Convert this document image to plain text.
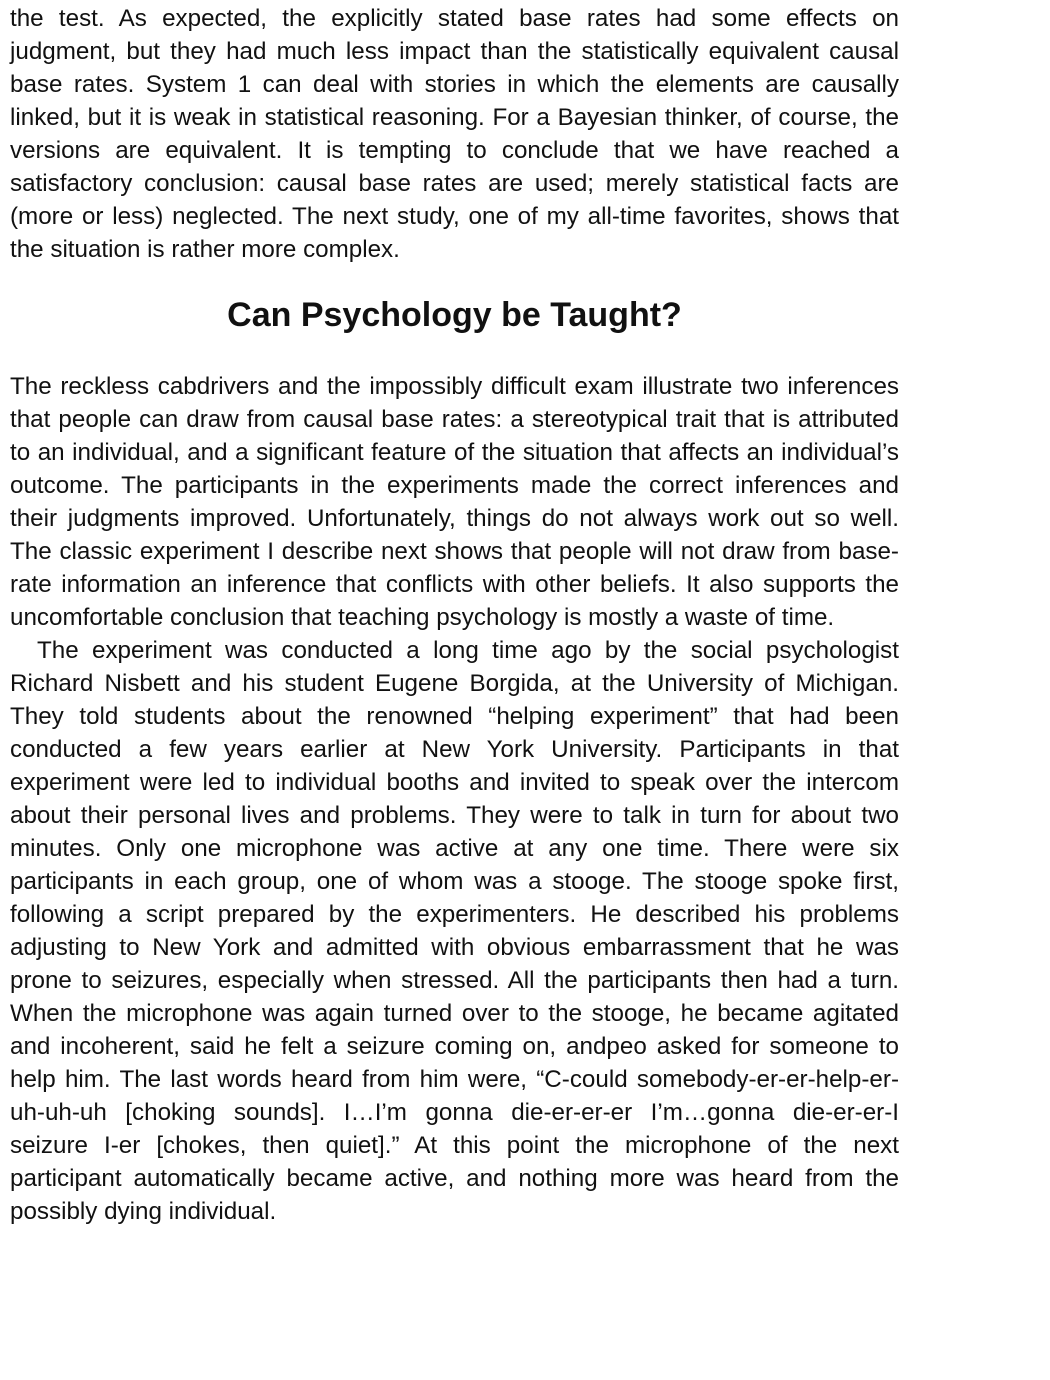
the test. As expected, the explicitly stated base rates had some effects on judgment, but they had much less impact than the statistically equivalent causal base rates. System 1 can deal with stories in which the elements are causally linked, but it is weak in statistical reasoning. For a Bayesian thinker, of course, the versions are equivalent. It is tempting to conclude that we have reached a satisfactory conclusion: causal base rates are used; merely statistical facts are (more or less) neglected. The next study, one of my all-time favorites, shows that the situation is rather more complex.

Can Psychology be Taught?

The reckless cabdrivers and the impossibly difficult exam illustrate two inferences that people can draw from causal base rates: a stereotypical trait that is attributed to an individual, and a significant feature of the situation that affects an individual’s outcome. The participants in the experiments made the correct inferences and their judgments improved. Unfortunately, things do not always work out so well. The classic experiment I describe next shows that people will not draw from base-rate information an inference that conflicts with other beliefs. It also supports the uncomfortable conclusion that teaching psychology is mostly a waste of time.

The experiment was conducted a long time ago by the social psychologist Richard Nisbett and his student Eugene Borgida, at the University of Michigan. They told students about the renowned “helping experiment” that had been conducted a few years earlier at New York University. Participants in that experiment were led to individual booths and invited to speak over the intercom about their personal lives and problems. They were to talk in turn for about two minutes. Only one microphone was active at any one time. There were six participants in each group, one of whom was a stooge. The stooge spoke first, following a script prepared by the experimenters. He described his problems adjusting to New York and admitted with obvious embarrassment that he was prone to seizures, especially when stressed. All the participants then had a turn. When the microphone was again turned over to the stooge, he became agitated and incoherent, said he felt a seizure coming on, andpeo asked for someone to help him. The last words heard from him were, “C-could somebody-er-er-help-er-uh-uh-uh [choking sounds]. I…I’m gonna die-er-er-er I’m…gonna die-er-er-I seizure I-er [chokes, then quiet].” At this point the microphone of the next participant automatically became active, and nothing more was heard from the possibly dying individual.
